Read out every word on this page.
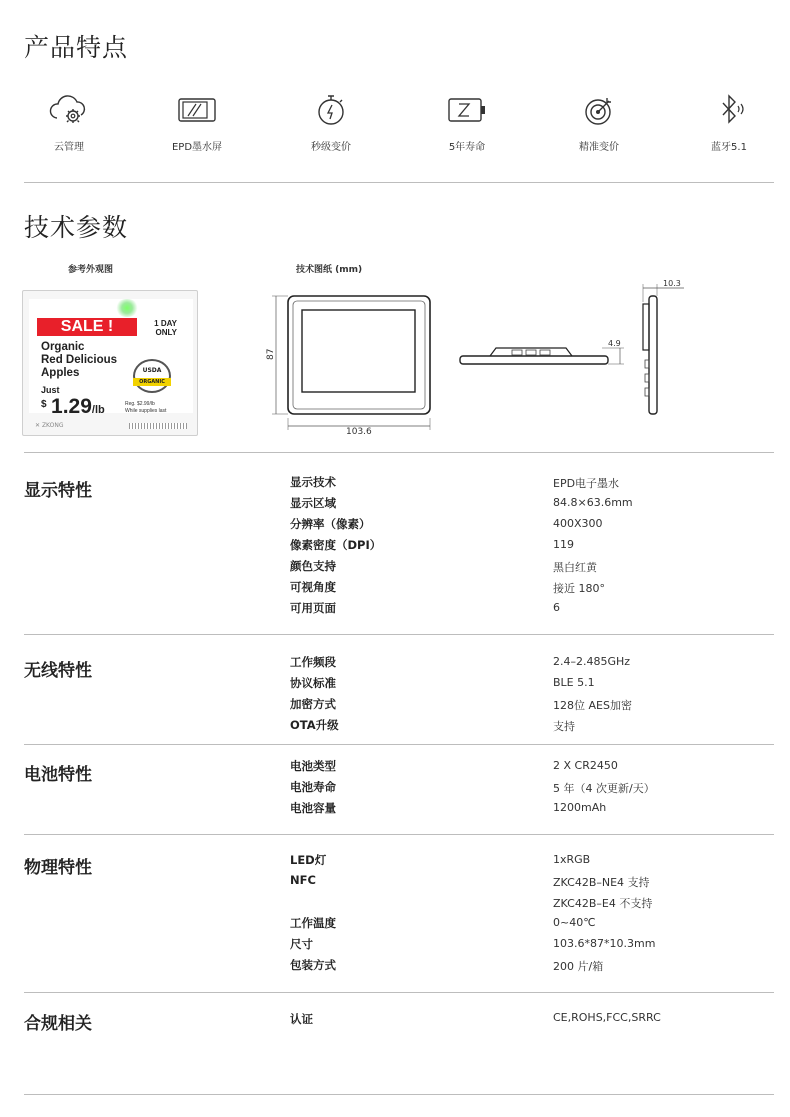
产品特点
云管理	EPD墨水屏	秒级变价	5年寿命	精准变价	蓝牙5.1
技术参数
参考外观图	技术图纸 (mm)
SALE !	1 DAY
ONLY
Organic
Red Delicious
Apples	USDA
ORGANIC
Just
$ 1.29/lb	Reg. $2.99/lb
While supplies last
✕ ZKONG
87
103.6
4.9
10.3
显示特性	显示技术	EPD电子墨水
显示区域	84.8×63.6mm
分辨率（像素）	400X300
像素密度（DPI）	119
颜色支持	黑白红黄
可视角度	接近 180°
可用页面	6
无线特性	工作频段	2.4–2.485GHz
协议标准	BLE 5.1
加密方式	128位 AES加密
OTA升级	支持
电池特性	电池类型	2 X CR2450
电池寿命	5 年（4 次更新/天）
电池容量	1200mAh
物理特性	LED灯	1xRGB
NFC	ZKC42B–NE4 支持
ZKC42B–E4 不支持
工作温度	0~40℃
尺寸	103.6*87*10.3mm
包装方式	200 片/箱
合规相关	认证	CE,ROHS,FCC,SRRC
